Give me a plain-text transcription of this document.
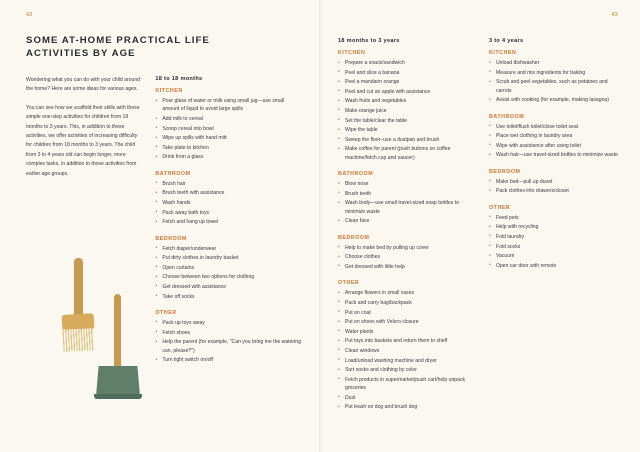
42
SOME AT-HOME PRACTICAL LIFE ACTIVITIES BY AGE

Wondering what you can do with your child around the home? Here are some ideas for various ages.

You can see how we scaffold their skills with these simple one-step activities for children from 18 months to 3 years. This, in addition to these activities, we offer activities of increasing difficulty for children from 18 months to 3 years. The child from 3 to 4 years old can begin longer, more complex tasks, in addition to those activities from earlier age groups.

18 to 18 months
KITCHEN
• Pour glass of water or milk using small jug—use small amount of liquid to avoid large spills
• Add milk to cereal
• Scoop cereal into bowl
• Wipe up spills with hand mitt
• Take plate to kitchen
• Drink from a glass
BATHROOM
• Brush hair
• Brush teeth with assistance
• Wash hands
• Pack away bath toys
• Fetch and hang up towel
BEDROOM
• Fetch diaper/underwear
• Put dirty clothes in laundry basket
• Open curtains
• Choose between two options for clothing
• Get dressed with assistance
• Take off socks
OTHER
• Pack up toys away
• Fetch shoes
• Help the parent (for example, "Can you bring me the watering can, please?")
• Turn light switch on/off
43
18 months to 3 years
KITCHEN
• Prepare a snack/sandwich
• Peel and slice a banana
• Peel a mandarin orange
• Peel and cut an apple with assistance
• Wash fruits and vegetables
• Make orange juice
• Set the table/clear the table
• Wipe the table
• Sweep the floor–use a dustpan and brush
• Make coffee for parent (push buttons on coffee machine/fetch cup and saucer)
BATHROOM
• Blow nose
• Brush teeth
• Wash body—use small travel-sized soap bottles to minimize waste
• Clean face
BEDROOM
• Help to make bed by pulling up cover
• Choose clothes
• Get dressed with little help
OTHER
• Arrange flowers in small vases
• Pack and carry bag/backpack
• Put on coat
• Put on shoes with Velcro closure
• Water plants
• Put toys into baskets and return them to shelf
• Clean windows
• Load/unload washing machine and dryer
• Sort socks and clothing by color
• Fetch products in supermarket/push cart/help unpack groceries
• Dust
• Put leash on dog and brush dog
3 to 4 years
KITCHEN
• Unload dishwasher
• Measure and mix ingredients for baking
• Scrub and peel vegetables, such as potatoes and carrots
• Assist with cooking (for example, making lasagna)
BATHROOM
• Use toilet/flush toilet/close toilet seat
• Place wet clothing in laundry area
• Wipe with assistance after using toilet
• Wash hair—use travel-sized bottles to minimize waste
BEDROOM
• Make bed—pull up duvet
• Pack clothes into drawers/closet
OTHER
• Feed pets
• Help with recycling
• Fold laundry
• Fold socks
• Vacuum
• Open car door with remote
